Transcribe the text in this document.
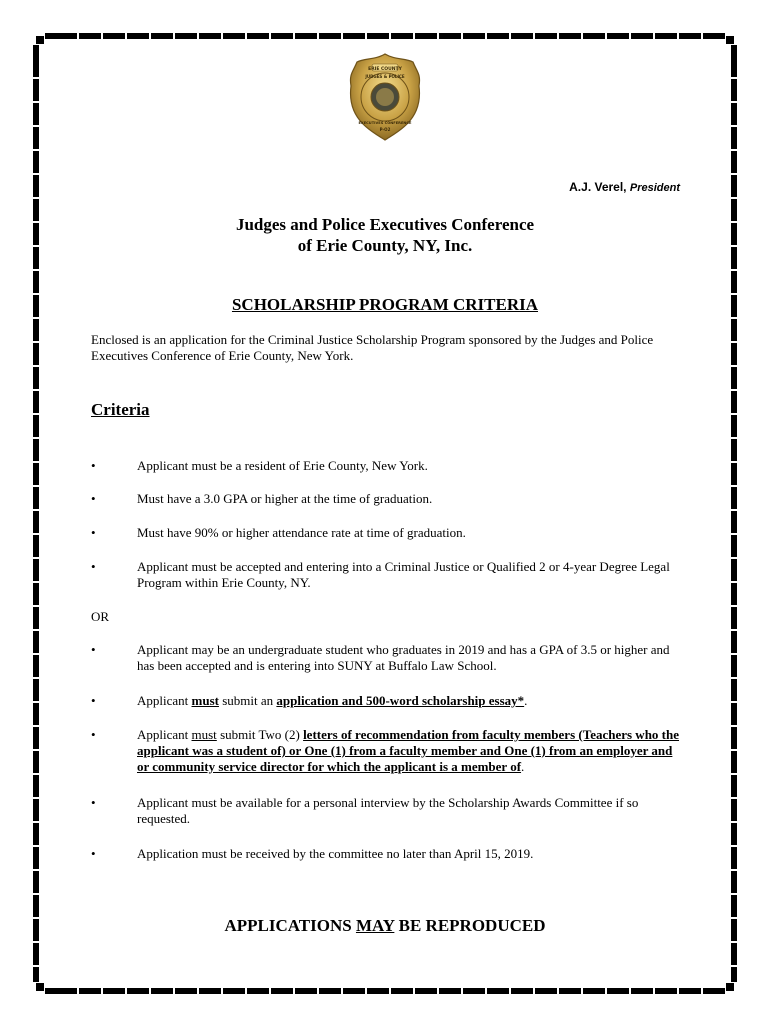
ERIE COUNTY
JUDGES & POLICE
EXECUTIVES CONFERENCE
P-O2
A.J. Verel, President
Judges and Police Executives Conference
of Erie County, NY, Inc.
SCHOLARSHIP PROGRAM CRITERIA
Enclosed is an application for the Criminal Justice Scholarship Program sponsored by the Judges and Police Executives Conference of Erie County, New York.
Criteria
•	Applicant must be a resident of Erie County, New York.
•	Must have a 3.0 GPA or higher at the time of graduation.
•	Must have 90% or higher attendance rate at time of graduation.
•	Applicant must be accepted and entering into a Criminal Justice or Qualified 2 or 4-year Degree Legal Program within Erie County, NY.
OR
•	Applicant may be an undergraduate student who graduates in 2019 and has a GPA of 3.5 or higher and has been accepted and is entering into SUNY at Buffalo Law School.
•	Applicant must submit an application and 500-word scholarship essay*.
•	Applicant must submit Two (2) letters of recommendation from faculty members (Teachers who the applicant was a student of) or One (1) from a faculty member and One (1) from an employer and or community service director for which the applicant is a member of.
•	Applicant must be available for a personal interview by the Scholarship Awards Committee if so requested.
•	Application must be received by the committee no later than April 15, 2019.
APPLICATIONS MAY BE REPRODUCED
